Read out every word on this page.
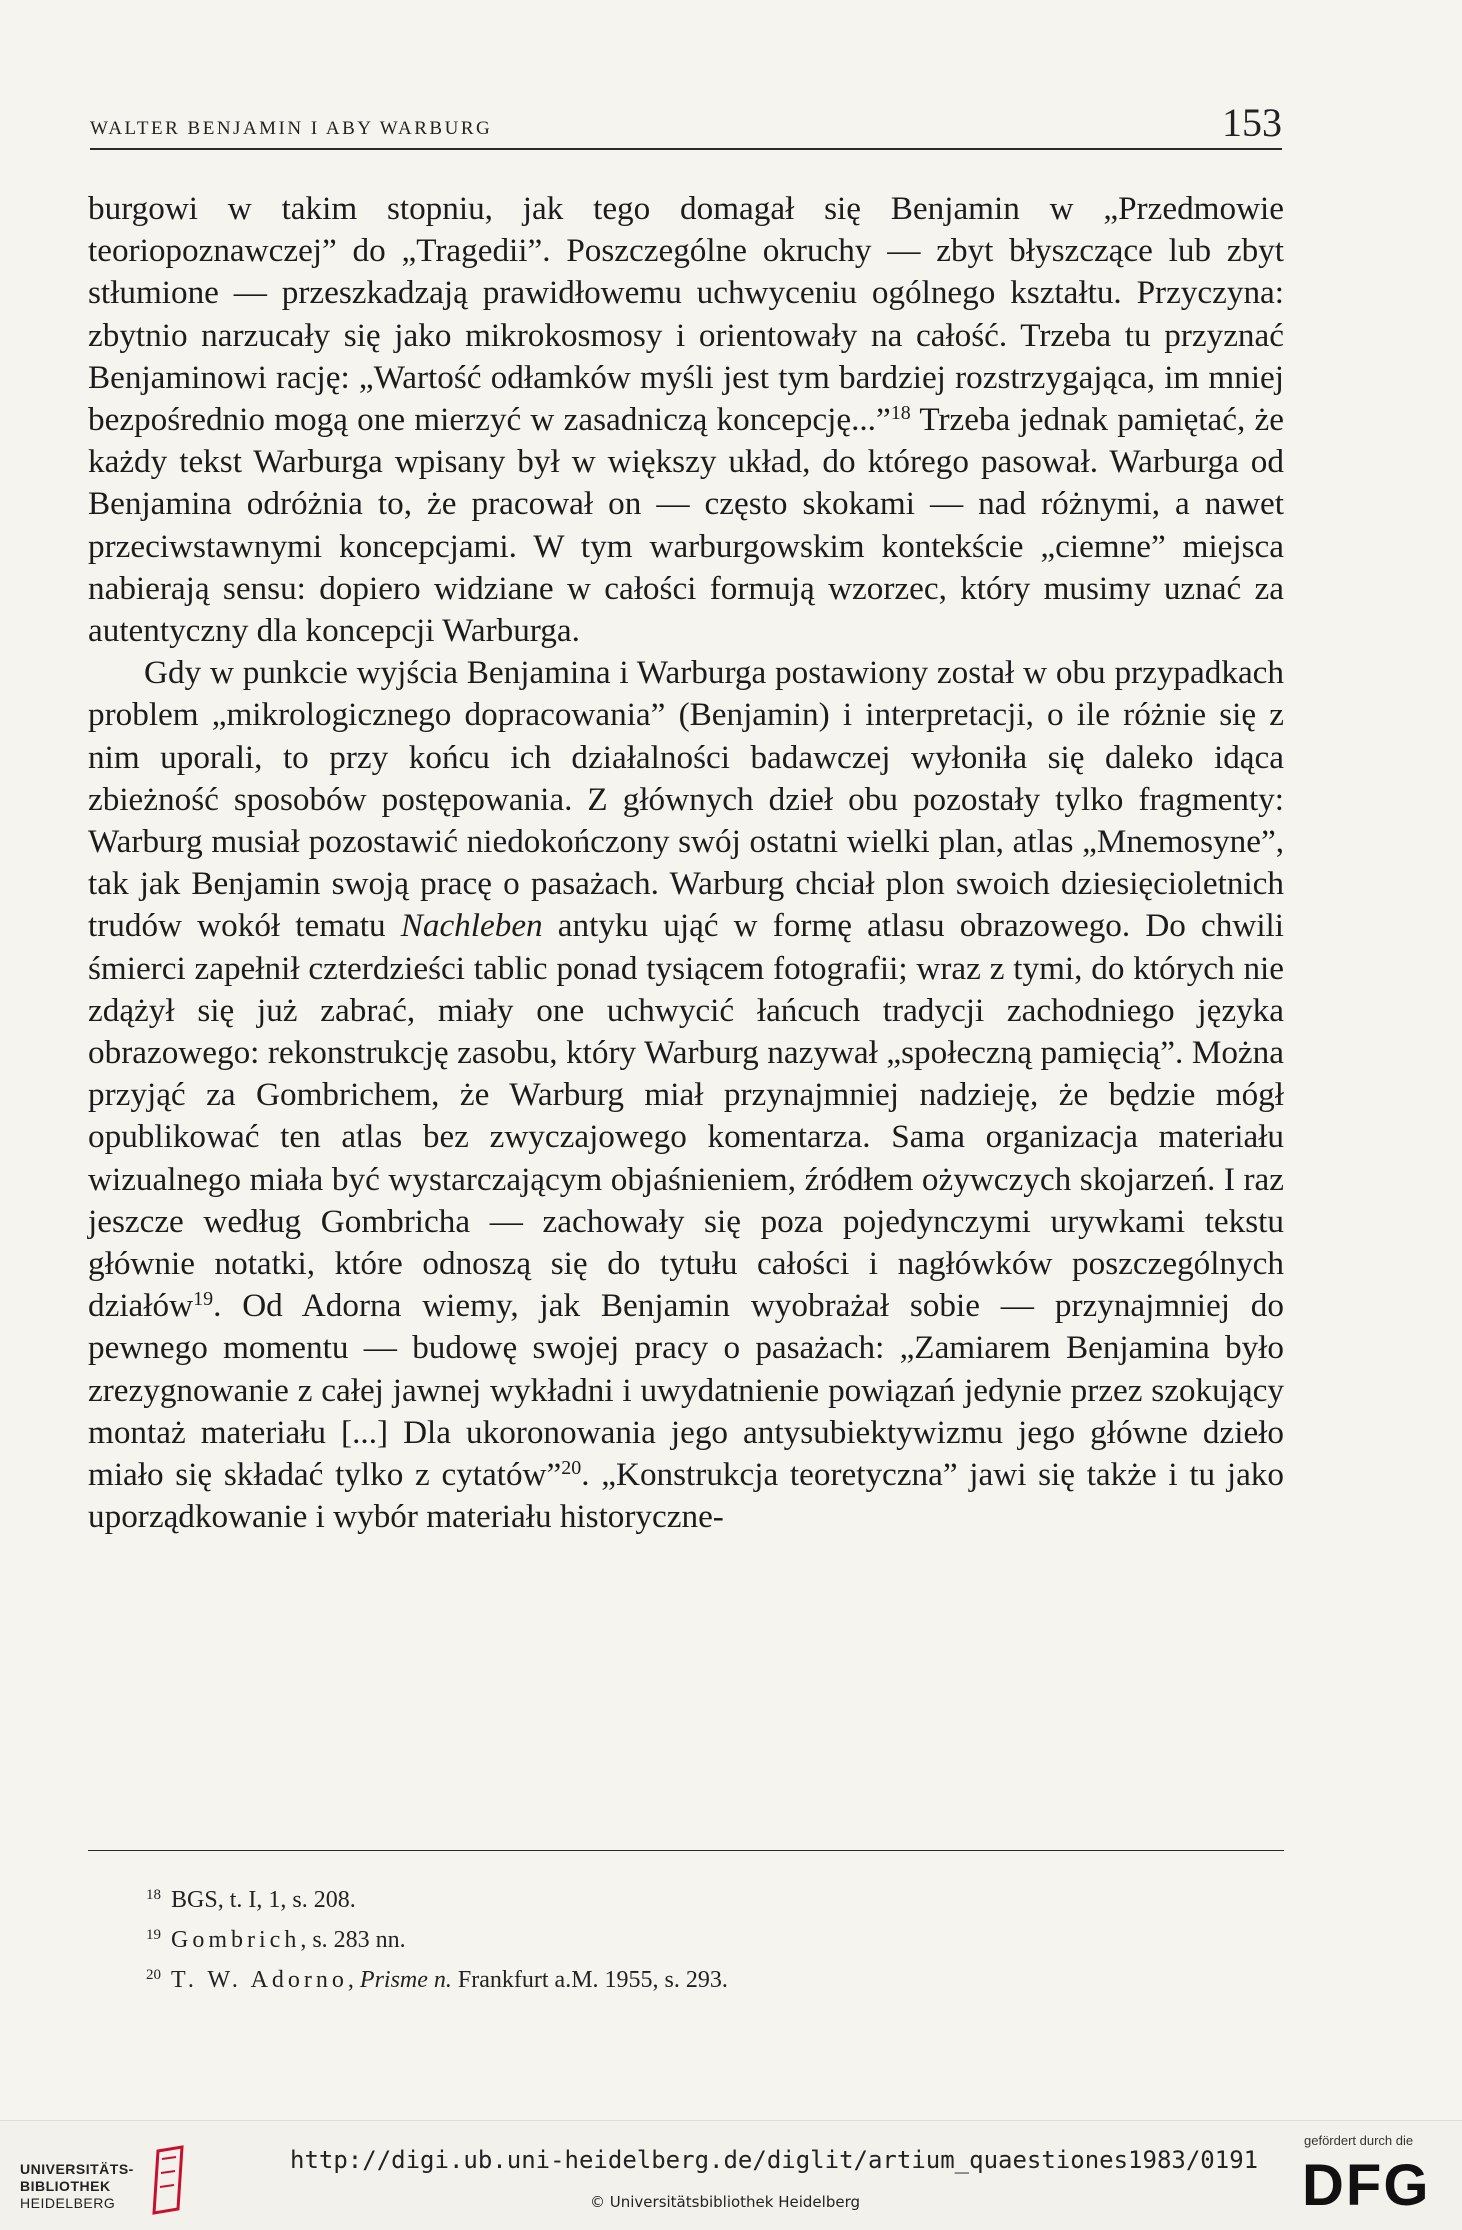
WALTER BENJAMIN I ABY WARBURG	153

burgowi w takim stopniu, jak tego domagał się Benjamin w „Przedmowie teoriopoznawczej” do „Tragedii”. Poszczególne okruchy — zbyt błyszczące lub zbyt stłumione — przeszkadzają prawidłowemu uchwyceniu ogólnego kształtu. Przyczyna: zbytnio narzucały się jako mikrokosmosy i orientowały na całość. Trzeba tu przyznać Benjaminowi rację: „Wartość odłamków myśli jest tym bardziej rozstrzygająca, im mniej bezpośrednio mogą one mierzyć w zasadniczą koncepcję...”$^{18}$ Trzeba jednak pamiętać, że każdy tekst Warburga wpisany był w większy układ, do którego pasował. Warburga od Benjamina odróżnia to, że pracował on — często skokami — nad różnymi, a nawet przeciwstawnymi koncepcjami. W tym warburgowskim kontekście „ciemne” miejsca nabierają sensu: dopiero widziane w całości formują wzorzec, który musimy uznać za autentyczny dla koncepcji Warburga.

Gdy w punkcie wyjścia Benjamina i Warburga postawiony został w obu przypadkach problem „mikrologicznego dopracowania” (Benjamin) i interpretacji, o ile różnie się z nim uporali, to przy końcu ich działalności badawczej wyłoniła się daleko idąca zbieżność sposobów postępowania. Z głównych dzieł obu pozostały tylko fragmenty: Warburg musiał pozostawić niedokończony swój ostatni wielki plan, atlas „Mnemosyne”, tak jak Benjamin swoją pracę o pasażach. Warburg chciał plon swoich dziesięcioletnich trudów wokół tematu Nachleben antyku ująć w formę atlasu obrazowego. Do chwili śmierci zapełnił czterdzieści tablic ponad tysiącem fotografii; wraz z tymi, do których nie zdążył się już zabrać, miały one uchwycić łańcuch tradycji zachodniego języka obrazowego: rekonstrukcję zasobu, który Warburg nazywał „społeczną pamięcią”. Można przyjąć za Gombrichem, że Warburg miał przynajmniej nadzieję, że będzie mógł opublikować ten atlas bez zwyczajowego komentarza. Sama organizacja materiału wizualnego miała być wystarczającym objaśnieniem, źródłem ożywczych skojarzeń. I raz jeszcze według Gombricha — zachowały się poza pojedynczymi urywkami tekstu głównie notatki, które odnoszą się do tytułu całości i nagłówków poszczególnych działów$^{19}$. Od Adorna wiemy, jak Benjamin wyobrażał sobie — przynajmniej do pewnego momentu — budowę swojej pracy o pasażach: „Zamiarem Benjamina było zrezygnowanie z całej jawnej wykładni i uwydatnienie powiązań jedynie przez szokujący montaż materiału [...] Dla ukoronowania jego antysubiektywizmu jego główne dzieło miało się składać tylko z cytatów”$^{20}$. „Konstrukcja teoretyczna” jawi się także i tu jako uporządkowanie i wybór materiału historyczne-

$^{18}$ BGS, t. I, 1, s. 208.
$^{19}$ Gombrich, s. 283 nn.
$^{20}$ T. W. Adorno, Prisme n. Frankfurt a.M. 1955, s. 293.
UNIVERSITÄTS-
BIBLIOTHEK
HEIDELBERG
http://digi.ub.uni-heidelberg.de/diglit/artium_quaestiones1983/0191
© Universitätsbibliothek Heidelberg
gefördert durch die
DFG
